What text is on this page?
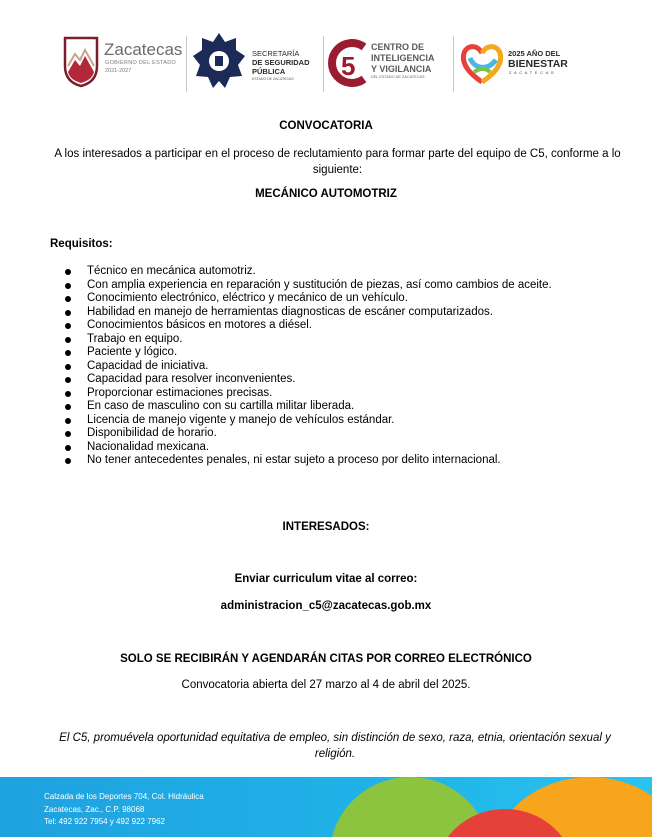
Zacatecas
GOBIERNO DEL ESTADO
2021-2027
SECRETARÍA
DE SEGURIDAD
PÚBLICA
ESTADO DE ZACATECAS 5
CENTRO DE
INTELIGENCIA
Y VIGILANCIA
DEL ESTADO DE ZACATECAS
2025 AÑO DEL
BIENESTAR
ZACATECAS
CONVOCATORIA
A los interesados a participar en el proceso de reclutamiento para formar parte del equipo de C5, conforme a lo siguiente:
MECÁNICO AUTOMOTRIZ
Requisitos:
Técnico en mecánica automotriz.
Con amplia experiencia en reparación y sustitución de piezas, así como cambios de aceite.
Conocimiento electrónico, eléctrico y mecánico de un vehículo.
Habilidad en manejo de herramientas diagnosticas de escáner computarizados.
Conocimientos básicos en motores a diésel.
Trabajo en equipo.
Paciente y lógico.
Capacidad de iniciativa.
Capacidad para resolver inconvenientes.
Proporcionar estimaciones precisas.
En caso de masculino con su cartilla militar liberada.
Licencia de manejo vigente y manejo de vehículos estándar.
Disponibilidad de horario.
Nacionalidad mexicana.
No tener antecedentes penales, ni estar sujeto a proceso por delito internacional.
INTERESADOS:
Enviar curriculum vitae al correo:
administracion_c5@zacatecas.gob.mx
SOLO SE RECIBIRÁN Y AGENDARÁN CITAS POR CORREO ELECTRÓNICO
Convocatoria abierta del 27 marzo al 4 de abril del 2025.
El C5, promuévela oportunidad equitativa de empleo, sin distinción de sexo, raza, etnia, orientación sexual y religión.
Calzada de los Deportes 704, Col. Hidráulica
Zacatecas, Zac., C.P. 98068
Tel: 492 922 7954 y 492 922 7962
